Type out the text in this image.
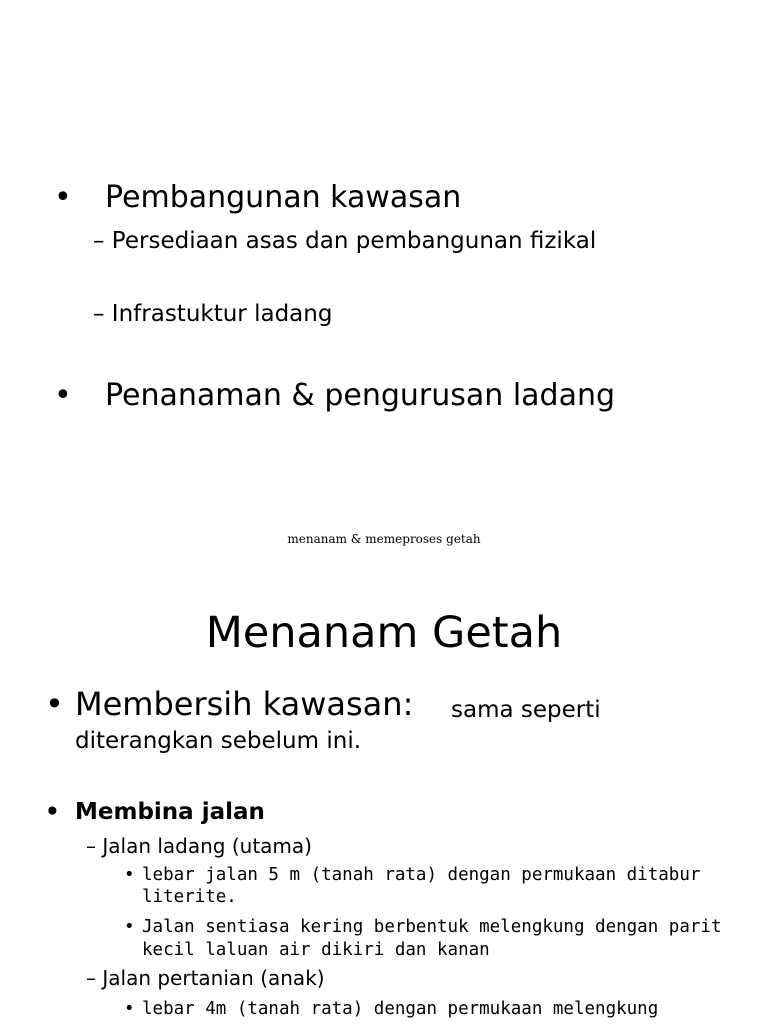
• Pembangunan kawasan
– Persediaan asas dan pembangunan fizikal
– Infrastuktur ladang
• Penanaman & pengurusan ladang
menanam & memeproses getah
Menanam Getah
• Membersih kawasan: sama seperti
diterangkan sebelum ini.
• Membina jalan
– Jalan ladang (utama)
• lebar jalan 5 m (tanah rata) dengan permukaan ditabur
literite.
• Jalan sentiasa kering berbentuk melengkung dengan parit
kecil laluan air dikiri dan kanan
– Jalan pertanian (anak)
• lebar 4m (tanah rata) dengan permukaan melengkung
